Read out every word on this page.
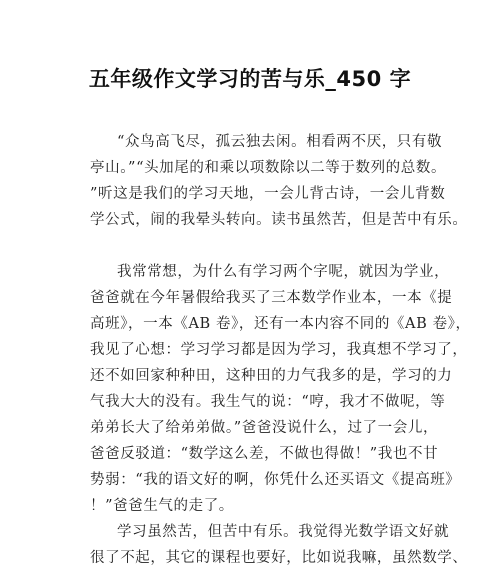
五年级作文学习的苦与乐_450 字
“众鸟高飞尽，孤云独去闲。相看两不厌，只有敬
亭山。”“头加尾的和乘以项数除以二等于数列的总数。
”听这是我们的学习天地，一会儿背古诗，一会儿背数
学公式，闹的我晕头转向。读书虽然苦，但是苦中有乐。
我常常想，为什么有学习两个字呢，就因为学业，
爸爸就在今年暑假给我买了三本数学作业本，一本《提
高班》，一本《AB 卷》，还有一本内容不同的《AB 卷》，
我见了心想：学习学习都是因为学习，我真想不学习了，
还不如回家种种田，这种田的力气我多的是，学习的力
气我大大的没有。我生气的说：“哼，我才不做呢，等
弟弟长大了给弟弟做。”爸爸没说什么，过了一会儿，
爸爸反驳道：“数学这么差，不做也得做！”我也不甘
势弱：“我的语文好的啊，你凭什么还买语文《提高班》
！”爸爸生气的走了。
学习虽然苦，但苦中有乐。我觉得光数学语文好就
很了不起，其它的课程也要好，比如说我嘛，虽然数学、
